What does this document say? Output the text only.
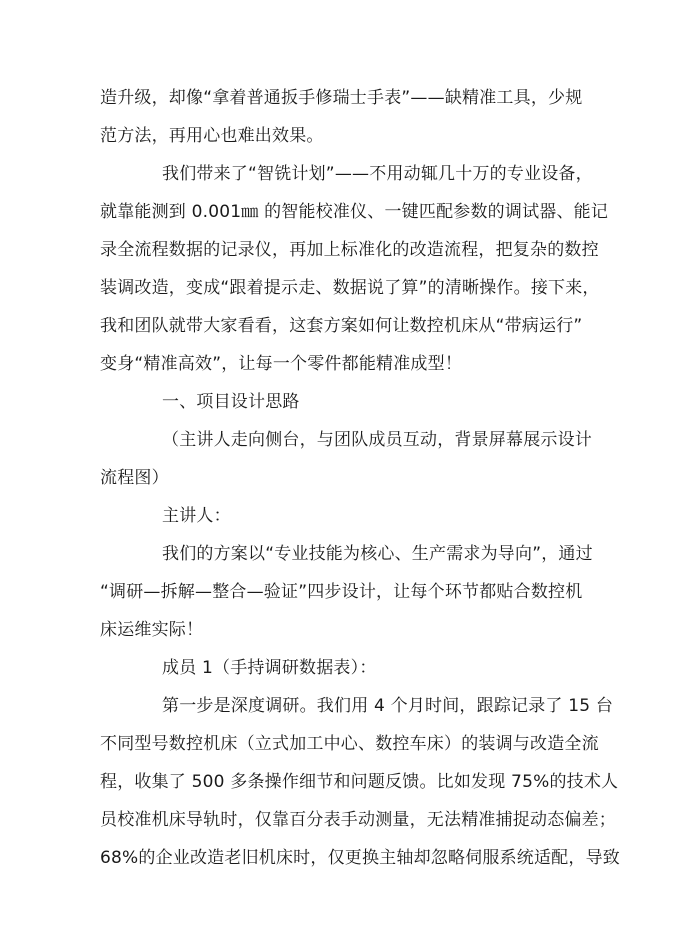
造升级，却像“拿着普通扳手修瑞士手表”——缺精准工具，少规
范方法，再用心也难出效果。
我们带来了“智铣计划”——不用动辄几十万的专业设备，
就靠能测到 0.001㎜ 的智能校准仪、一键匹配参数的调试器、能记
录全流程数据的记录仪，再加上标准化的改造流程，把复杂的数控
装调改造，变成“跟着提示走、数据说了算”的清晰操作。接下来，
我和团队就带大家看看，这套方案如何让数控机床从“带病运行”
变身“精准高效”，让每一个零件都能精准成型！
一、项目设计思路
（主讲人走向侧台，与团队成员互动，背景屏幕展示设计
流程图）
主讲人：
我们的方案以“专业技能为核心、生产需求为导向”，通过
“调研—拆解—整合—验证”四步设计，让每个环节都贴合数控机
床运维实际！
成员 1（手持调研数据表）：
第一步是深度调研。我们用 4 个月时间，跟踪记录了 15 台
不同型号数控机床（立式加工中心、数控车床）的装调与改造全流
程，收集了 500 多条操作细节和问题反馈。比如发现 75%的技术人
员校准机床导轨时，仅靠百分表手动测量，无法精准捕捉动态偏差；
68%的企业改造老旧机床时，仅更换主轴却忽略伺服系统适配，导致
